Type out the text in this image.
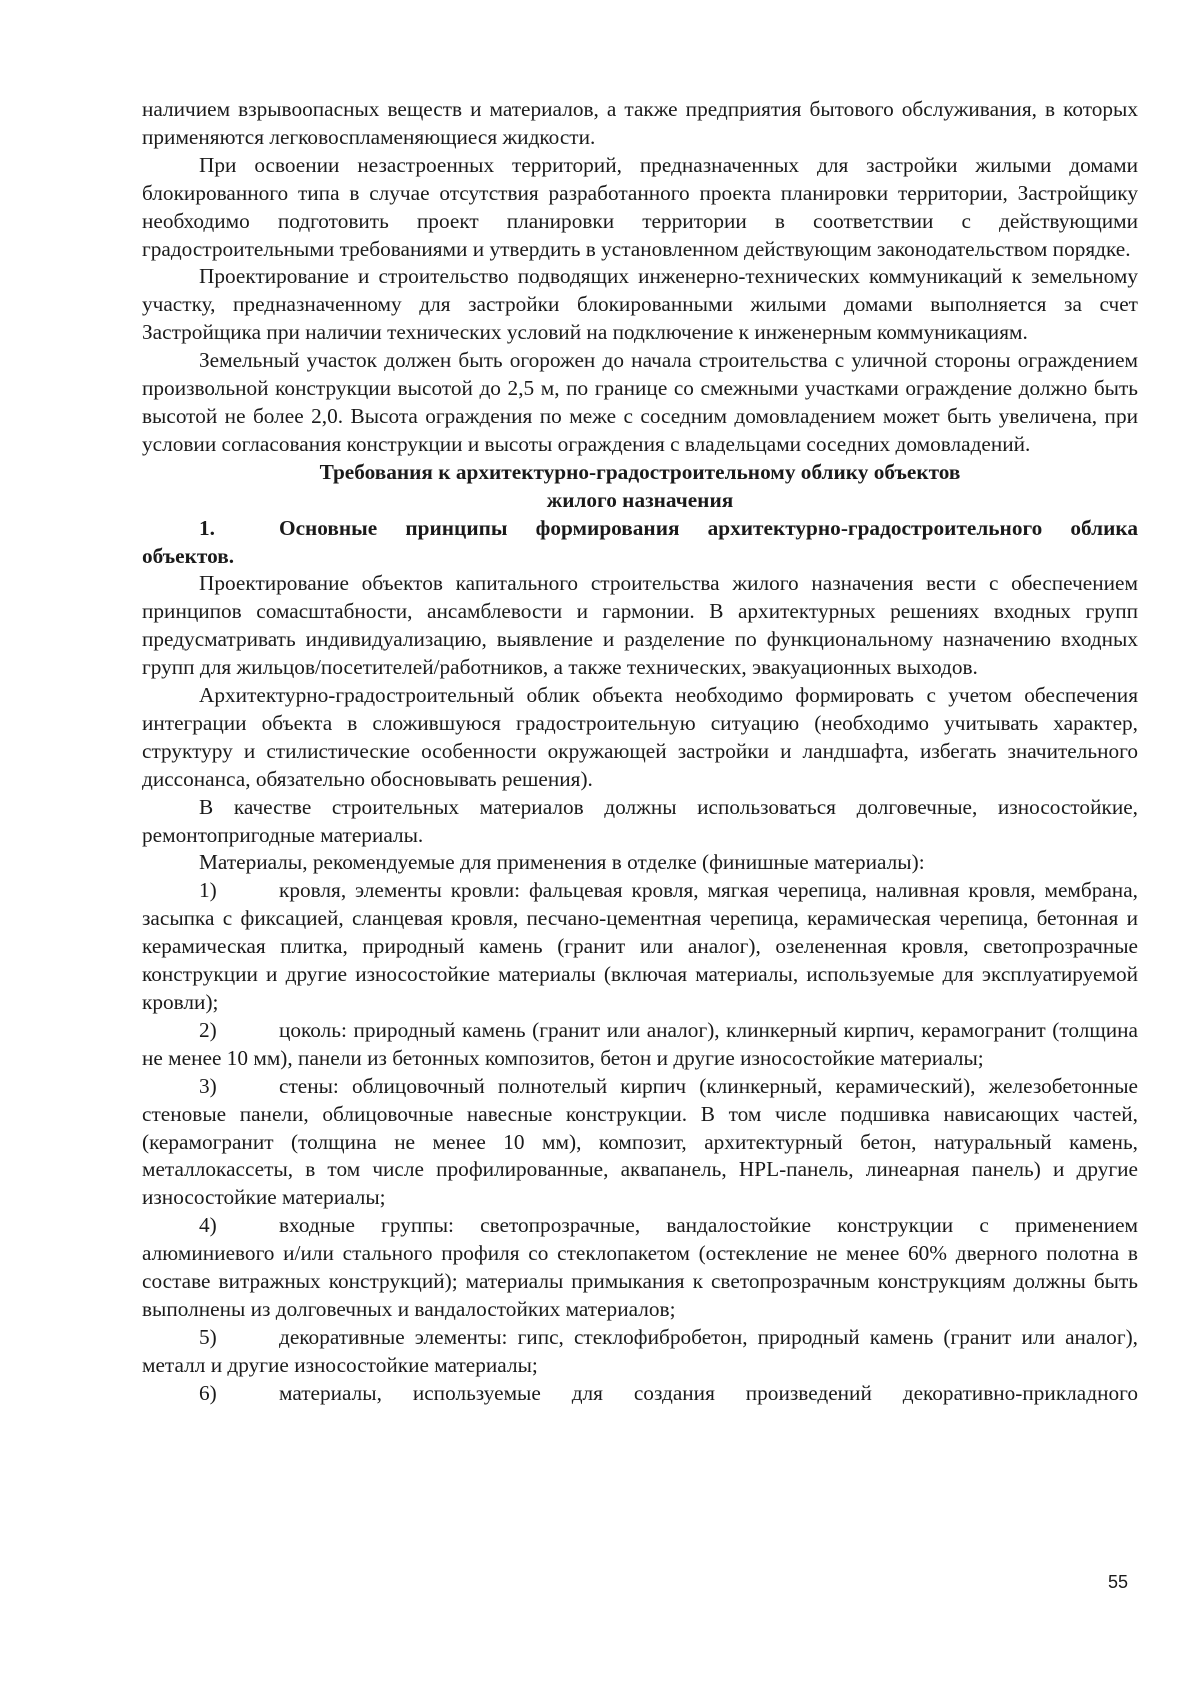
наличием взрывоопасных веществ и материалов, а также предприятия бытового обслуживания, в которых применяются легковоспламеняющиеся жидкости.

При освоении незастроенных территорий, предназначенных для застройки жилыми домами блокированного типа в случае отсутствия разработанного проекта планировки территории, Застройщику необходимо подготовить проект планировки территории в соответствии с действующими градостроительными требованиями и утвердить в установленном действующим законодательством порядке.

Проектирование и строительство подводящих инженерно-технических коммуникаций к земельному участку, предназначенному для застройки блокированными жилыми домами выполняется за счет Застройщика при наличии технических условий на подключение к инженерным коммуникациям.

Земельный участок должен быть огорожен до начала строительства с уличной стороны ограждением произвольной конструкции высотой до 2,5 м, по границе со смежными участками ограждение должно быть высотой не более 2,0. Высота ограждения по меже с соседним домовладением может быть увеличена, при условии согласования конструкции и высоты ограждения с владельцами соседних домовладений.

Требования к архитектурно-градостроительному облику объектов

жилого назначения

1.	Основные принципы формирования архитектурно-градостроительного облика объектов.

Проектирование объектов капитального строительства жилого назначения вести с обеспечением принципов сомасштабности, ансамблевости и гармонии. В архитектурных решениях входных групп предусматривать индивидуализацию, выявление и разделение по функциональному назначению входных групп для жильцов/посетителей/работников, а также технических, эвакуационных выходов.

Архитектурно-градостроительный облик объекта необходимо формировать с учетом обеспечения интеграции объекта в сложившуюся градостроительную ситуацию (необходимо учитывать характер, структуру и стилистические особенности окружающей застройки и ландшафта, избегать значительного диссонанса, обязательно обосновывать решения).

В качестве строительных материалов должны использоваться долговечные, износостойкие, ремонтопригодные материалы.

Материалы, рекомендуемые для применения в отделке (финишные материалы):

1)	кровля, элементы кровли: фальцевая кровля, мягкая черепица, наливная кровля, мембрана, засыпка с фиксацией, сланцевая кровля, песчано-цементная черепица, керамическая черепица, бетонная и керамическая плитка, природный камень (гранит или аналог), озелененная кровля, светопрозрачные конструкции и другие износостойкие материалы (включая материалы, используемые для эксплуатируемой кровли);

2)	цоколь: природный камень (гранит или аналог), клинкерный кирпич, керамогранит (толщина не менее 10 мм), панели из бетонных композитов, бетон и другие износостойкие материалы;

3)	стены: облицовочный полнотелый кирпич (клинкерный, керамический), железобетонные стеновые панели, облицовочные навесные конструкции. В том числе подшивка нависающих частей, (керамогранит (толщина не менее 10 мм), композит, архитектурный бетон, натуральный камень, металлокассеты, в том числе профилированные, аквапанель, HPL-панель, линеарная панель) и другие износостойкие материалы;

4)	входные группы: светопрозрачные, вандалостойкие конструкции с применением алюминиевого и/или стального профиля со стеклопакетом (остекление не менее 60% дверного полотна в составе витражных конструкций); материалы примыкания к светопрозрачным конструкциям должны быть выполнены из долговечных и вандалостойких материалов;

5)	декоративные элементы: гипс, стеклофибробетон, природный камень (гранит или аналог), металл и другие износостойкие материалы;

6)	материалы, используемые для создания произведений декоративно-прикладного

55
